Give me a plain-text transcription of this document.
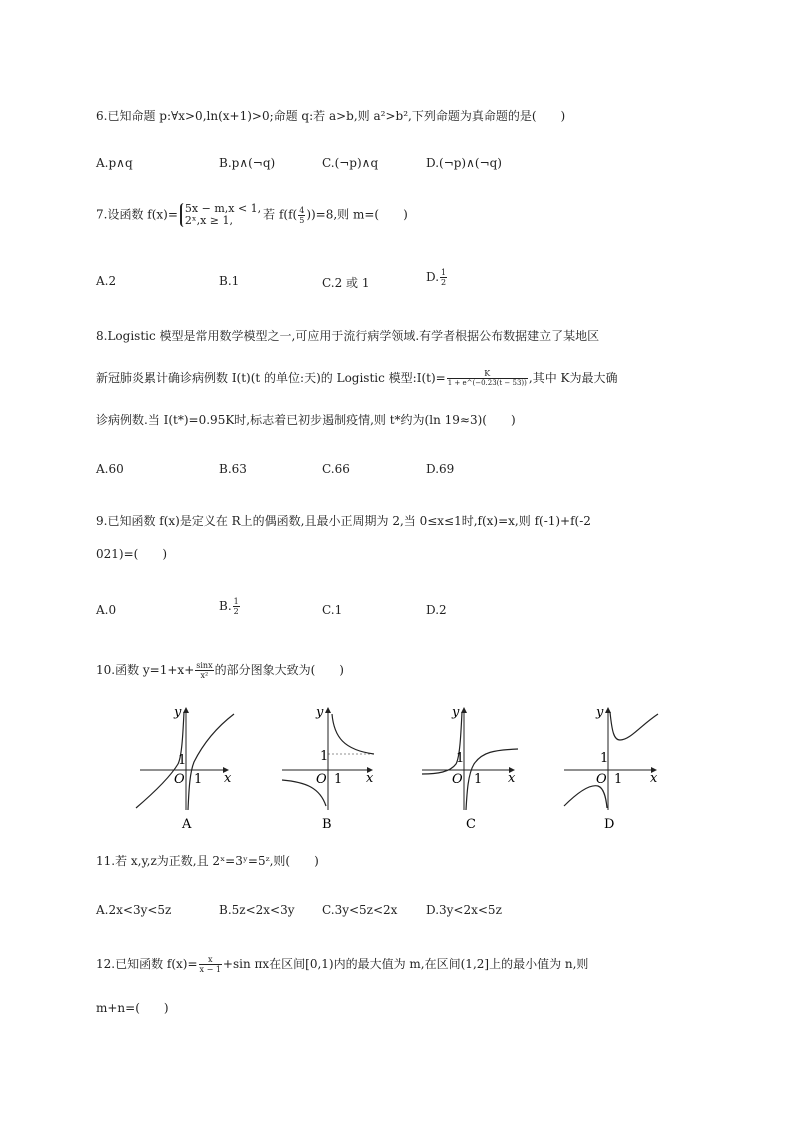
6.已知命题 p:∀x>0,ln(x+1)>0;命题 q:若 a>b,则 a²>b²,下列命题为真命题的是(　　)
A.p∧q	B.p∧(¬q)	C.(¬p)∧q	D.(¬p)∧(¬q)
7.设函数 f(x)= 5x − m,x < 1,
2ˣ,x ≥ 1,	若 $f(f( \frac{4}{5} ))=8$,则 m=(　　)
A.2	B.1	C.2 或 1	D. $\frac{1}{2}$
8.Logistic 模型是常用数学模型之一,可应用于流行病学领域.有学者根据公布数据建立了某地区
新冠肺炎累计确诊病例数 I(t)(t 的单位:天)的 Logistic 模型:I(t)= $\frac{K}{1 + e\^{}(-0.23(t - 53))}$ ,其中 K为最大确
诊病例数.当 I(t*)=0.95K时,标志着已初步遏制疫情,则 t*约为(ln 19≈3)(　　)
A.60	B.63	C.66	D.69
9.已知函数 f(x)是定义在 R上的偶函数,且最小正周期为 2,当 0≤x≤1时,f(x)=x,则 f(-1)+f(-2
021)=(　　)
A.0	B. $\frac{1}{2}$	C.1	D.2
10.函数 $y=1+x+ \frac{\sin x}{\text{x²}}$ 的部分图象大致为(　　)
y
x
O 1
1
A
y
x
O 1
1
B
y
x
O 1
1
C
y
x
O 1
1
D
11.若 x,y,z为正数,且 2ˣ=3ʸ=5ᶻ,则(　　)
A.2x<3y<5z	B.5z<2x<3y C.3y<5z<2x D.3y<2x<5z
12.已知函数 $f(x)= \frac{x}{x - 1} +\sin$ πx在区间[0,1)内的最大值为 m,在区间(1,2]上的最小值为 n,则
m+n=(　　)
